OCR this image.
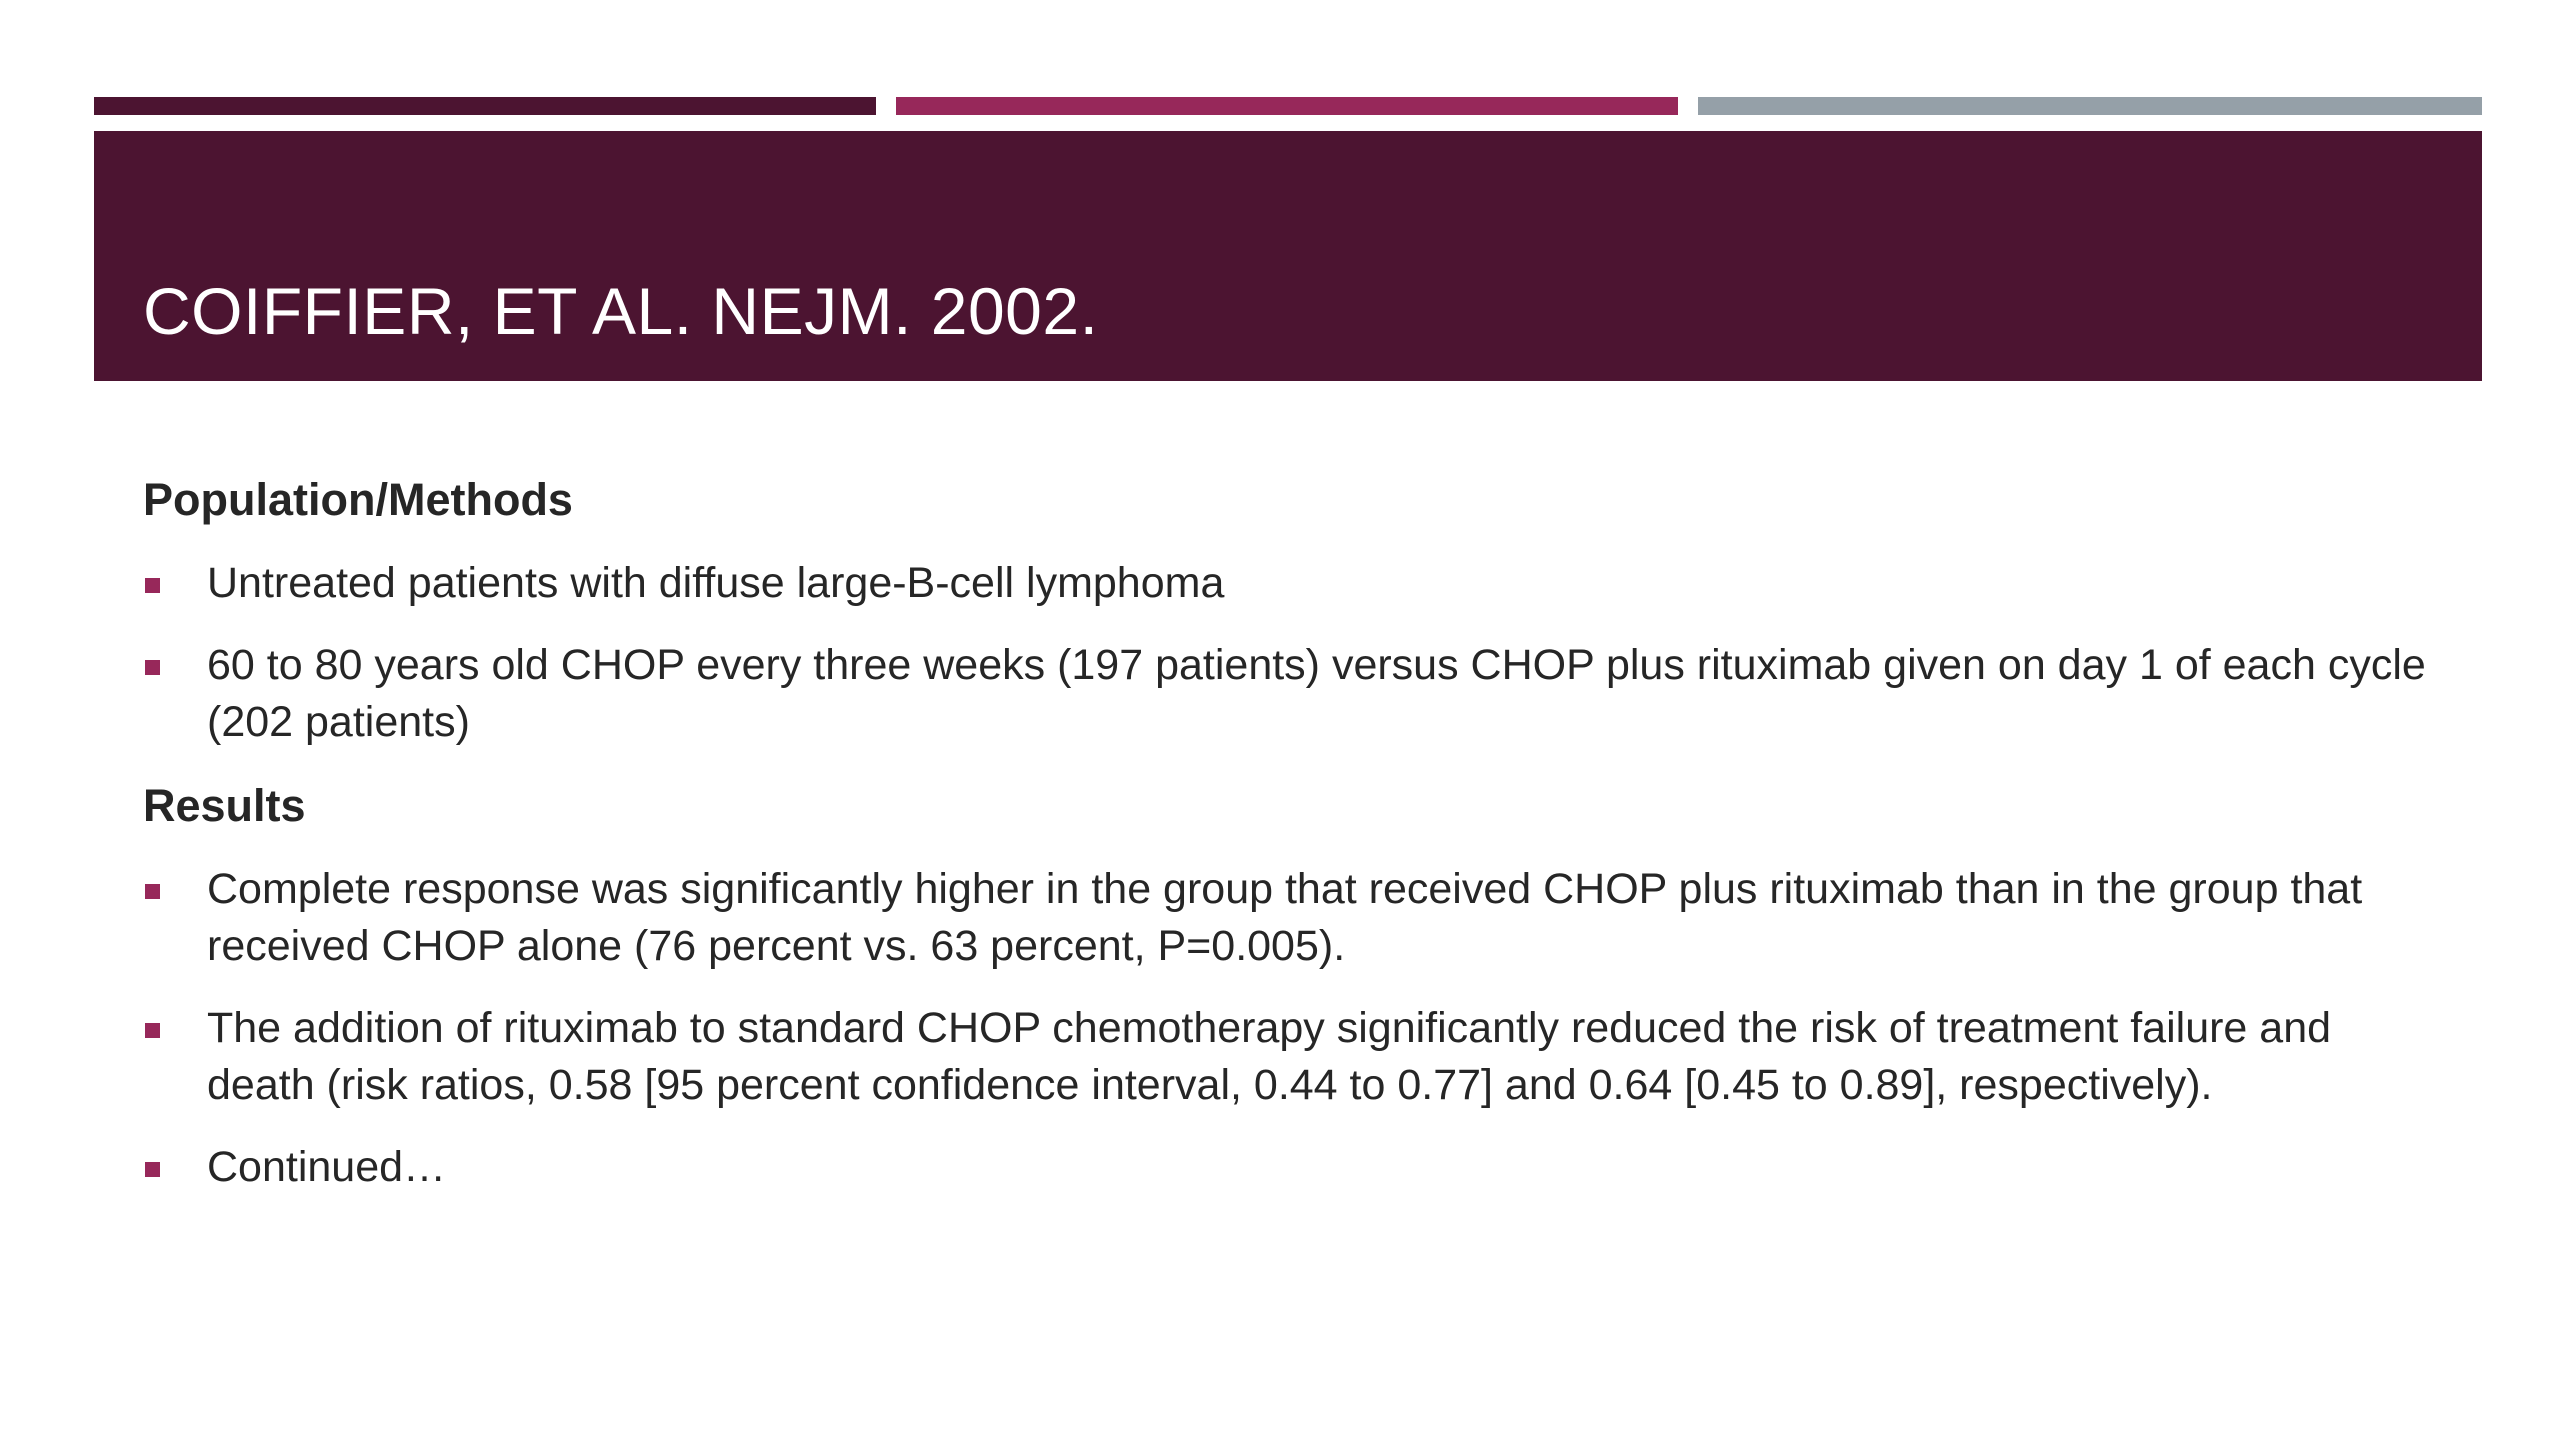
COIFFIER, ET AL. NEJM. 2002.
Population/Methods
Untreated patients with diffuse large-B-cell lymphoma
60 to 80 years old CHOP every three weeks (197 patients) versus CHOP plus rituximab given on day 1 of each cycle (202 patients)
Results
Complete response was significantly higher in the group that received CHOP plus rituximab than in the group that received CHOP alone (76 percent vs. 63 percent, P=0.005).
The addition of rituximab to standard CHOP chemotherapy significantly reduced the risk of treatment failure and death (risk ratios, 0.58 [95 percent confidence interval, 0.44 to 0.77] and 0.64 [0.45 to 0.89], respectively).
Continued…
